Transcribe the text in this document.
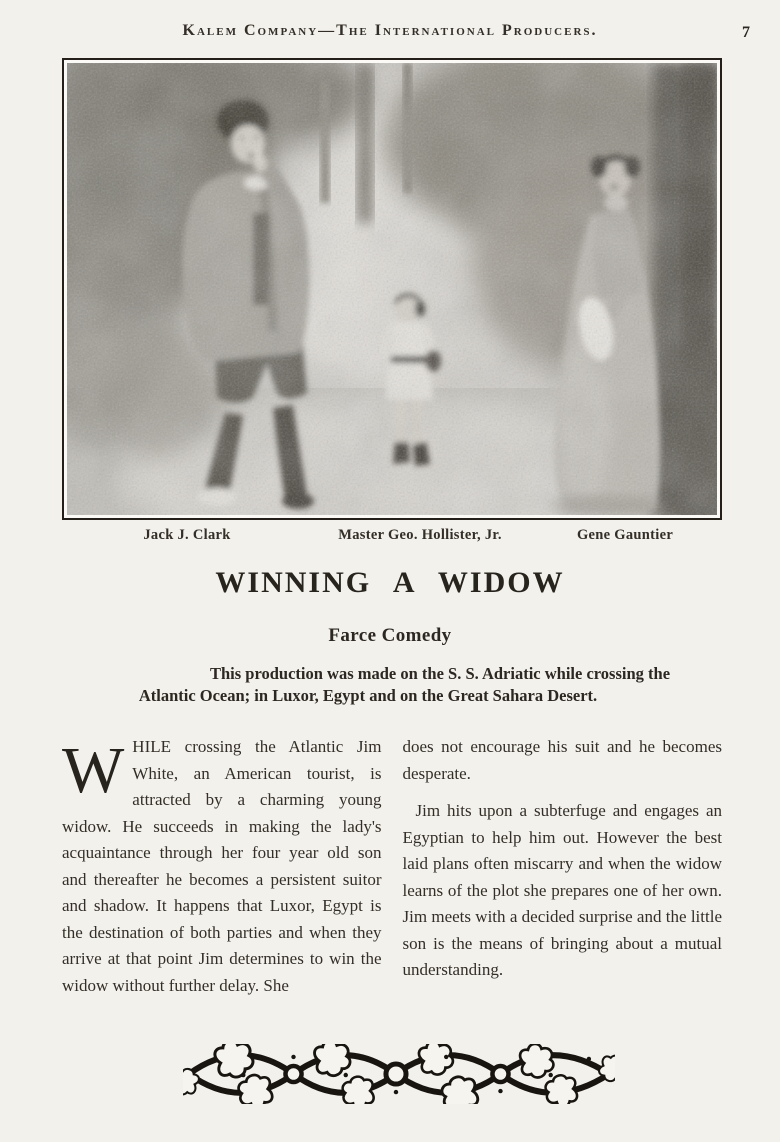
Kalem Company—The International Producers.	7
Jack J. Clark	Master Geo. Hollister, Jr.	Gene Gauntier
WINNING A WIDOW
Farce Comedy
This production was made on the S. S. Adriatic while crossing the
Atlantic Ocean; in Luxor, Egypt and on the Great Sahara Desert.

WHILE crossing the Atlantic Jim White, an American tourist, is attracted by a charming young widow. He succeeds in making the lady's acquaintance through her four year old son and thereafter he becomes a persistent suitor and shadow. It happens that Luxor, Egypt is the destination of both parties and when they arrive at that point Jim determines to win the widow without further delay. She

does not encourage his suit and he becomes desperate.

Jim hits upon a subterfuge and engages an Egyptian to help him out. However the best laid plans often miscarry and when the widow learns of the plot she prepares one of her own. Jim meets with a decided surprise and the little son is the means of bringing about a mutual understanding.
